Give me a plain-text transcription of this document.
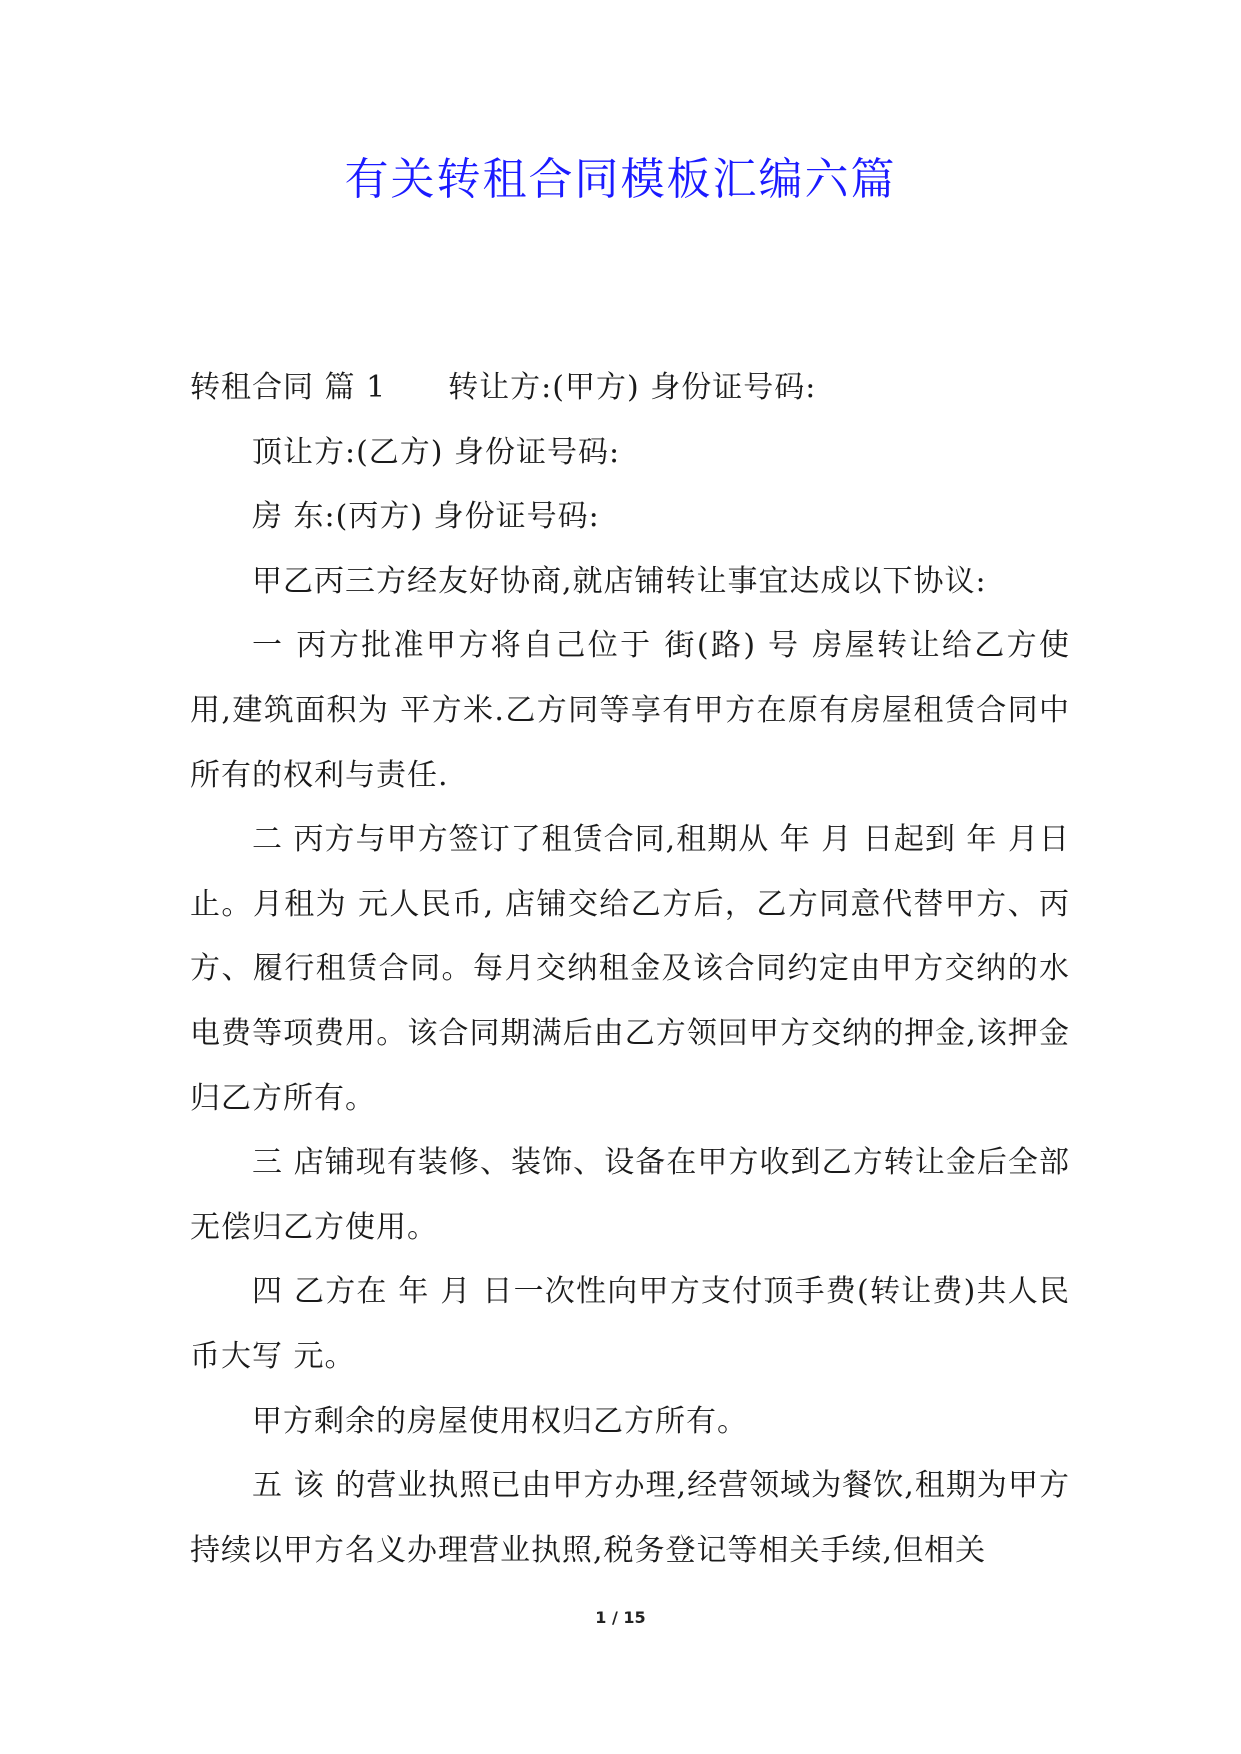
有关转租合同模板汇编六篇

转租合同 篇 1 转让方:(甲方) 身份证号码:

顶让方:(乙方) 身份证号码:

房 东:(丙方) 身份证号码:

甲乙丙三方经友好协商,就店铺转让事宜达成以下协议:

一 丙方批准甲方将自己位于 街(路) 号 房屋转让给乙方使用,建筑面积为 平方米.乙方同等享有甲方在原有房屋租赁合同中所有的权利与责任.

二 丙方与甲方签订了租赁合同,租期从 年 月 日起到 年 月日止。月租为 元人民币, 店铺交给乙方后，乙方同意代替甲方、丙方、履行租赁合同。每月交纳租金及该合同约定由甲方交纳的水电费等项费用。该合同期满后由乙方领回甲方交纳的押金,该押金归乙方所有。

三 店铺现有装修、装饰、设备在甲方收到乙方转让金后全部无偿归乙方使用。

四 乙方在 年 月 日一次性向甲方支付顶手费(转让费)共人民币大写 元。

甲方剩余的房屋使用权归乙方所有。

五 该 的营业执照已由甲方办理,经营领域为餐饮,租期为甲方持续以甲方名义办理营业执照,税务登记等相关手续,但相关

1 / 15
